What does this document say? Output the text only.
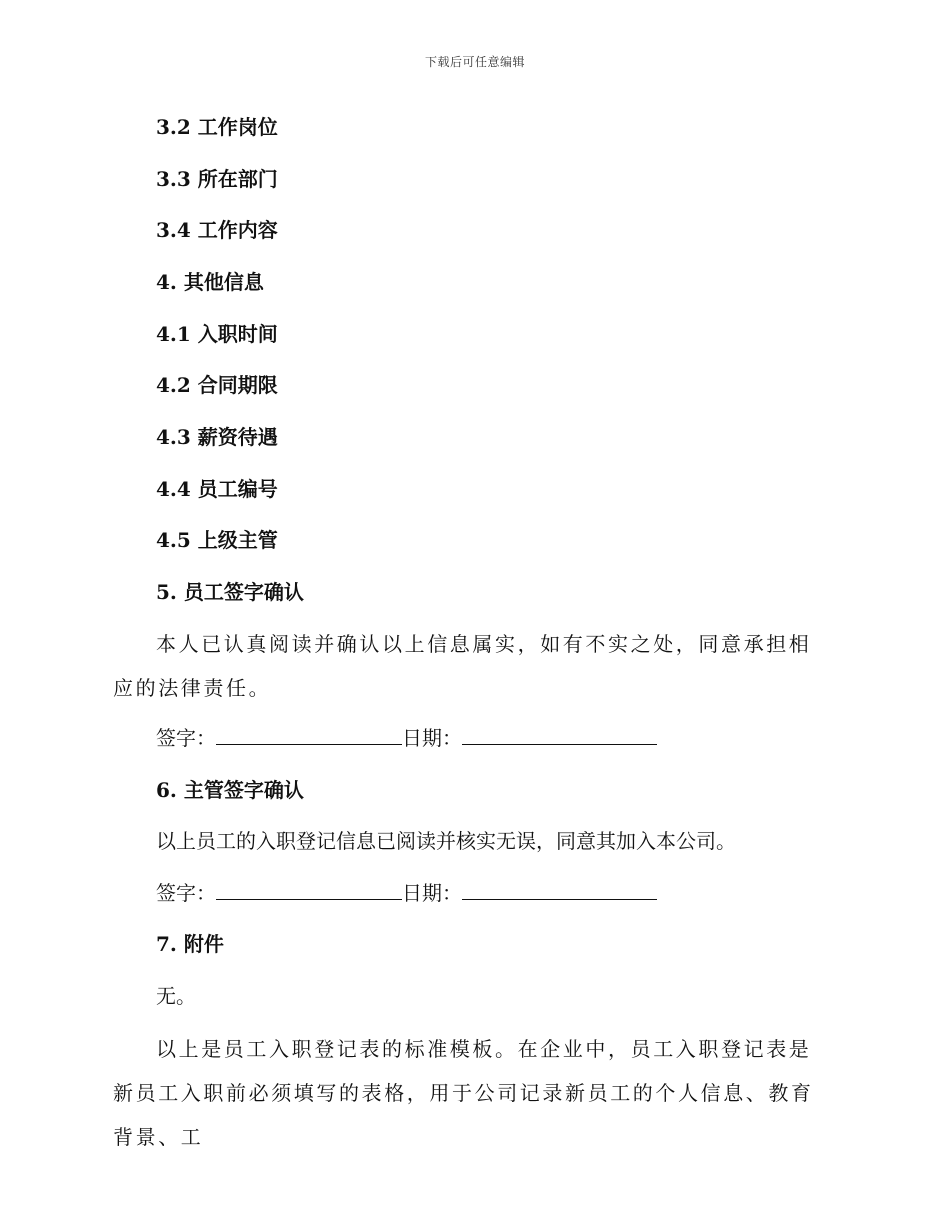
下载后可任意编辑
3.2 工作岗位
3.3 所在部门
3.4 工作内容
4. 其他信息
4.1 入职时间
4.2 合同期限
4.3 薪资待遇
4.4 员工编号
4.5 上级主管
5. 员工签字确认
本人已认真阅读并确认以上信息属实，如有不实之处，同意承担相应的法律责任。
签字：	日期：
6. 主管签字确认
以上员工的入职登记信息已阅读并核实无误，同意其加入本公司。
签字：	日期：
7. 附件
无。
以上是员工入职登记表的标准模板。在企业中，员工入职登记表是新员工入职前必须填写的表格，用于公司记录新员工的个人信息、教育背景、工
